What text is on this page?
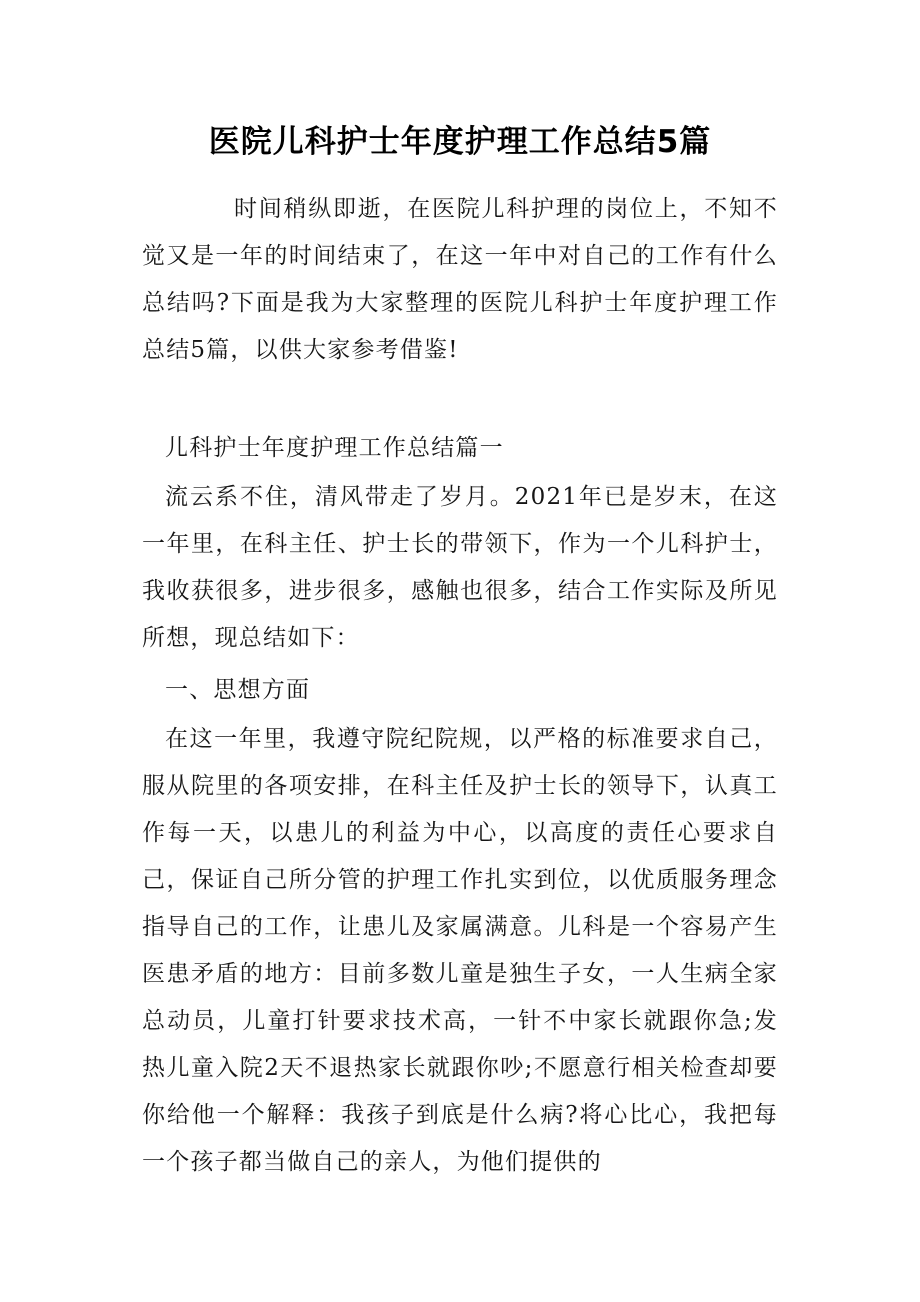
医院儿科护士年度护理工作总结5篇

时间稍纵即逝，在医院儿科护理的岗位上，不知不觉又是一年的时间结束了，在这一年中对自己的工作有什么总结吗?下面是我为大家整理的医院儿科护士年度护理工作总结5篇，以供大家参考借鉴!

儿科护士年度护理工作总结篇一

流云系不住，清风带走了岁月。2021年已是岁末，在这一年里，在科主任、护士长的带领下，作为一个儿科护士，我收获很多，进步很多，感触也很多，结合工作实际及所见所想，现总结如下：

一、思想方面

在这一年里，我遵守院纪院规，以严格的标准要求自己，服从院里的各项安排，在科主任及护士长的领导下，认真工作每一天，以患儿的利益为中心，以高度的责任心要求自己，保证自己所分管的护理工作扎实到位，以优质服务理念指导自己的工作，让患儿及家属满意。儿科是一个容易产生医患矛盾的地方：目前多数儿童是独生子女，一人生病全家总动员，儿童打针要求技术高，一针不中家长就跟你急;发热儿童入院2天不退热家长就跟你吵;不愿意行相关检查却要你给他一个解释：我孩子到底是什么病?将心比心，我把每一个孩子都当做自己的亲人，为他们提供的
